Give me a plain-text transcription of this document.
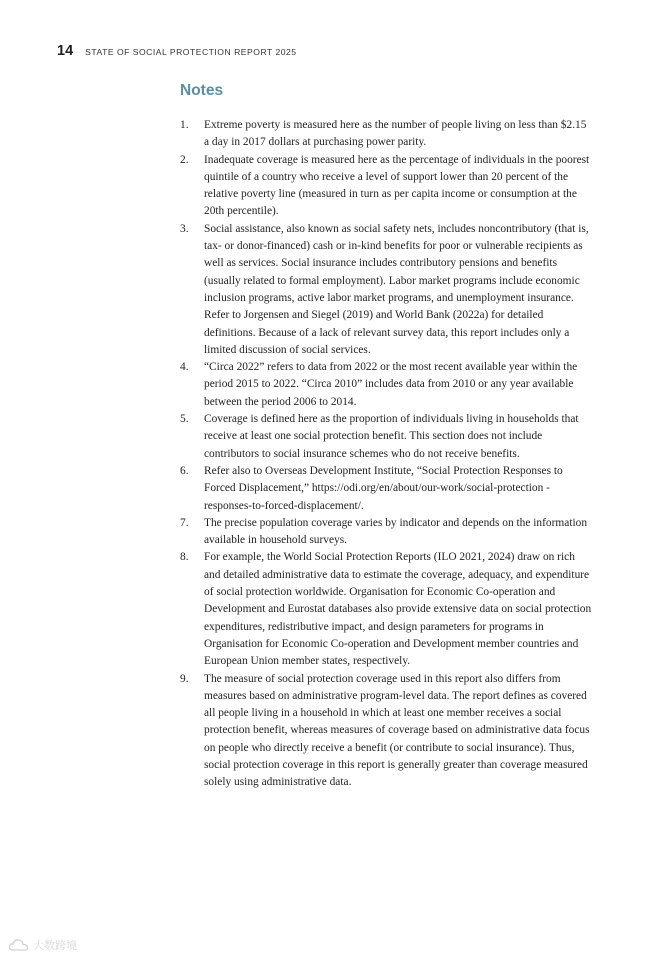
14 STATE OF SOCIAL PROTECTION REPORT 2025
Notes
1. Extreme poverty is measured here as the number of people living on less than $2.15 a day in 2017 dollars at purchasing power parity.
2. Inadequate coverage is measured here as the percentage of individuals in the poorest quintile of a country who receive a level of support lower than 20 percent of the relative poverty line (measured in turn as per capita income or consumption at the 20th percentile).
3. Social assistance, also known as social safety nets, includes noncontributory (that is, tax- or donor-financed) cash or in-kind benefits for poor or vulnerable recipients as well as services. Social insurance includes contributory pensions and benefits (usually related to formal employment). Labor market programs include economic inclusion programs, active labor market programs, and unemployment insurance. Refer to Jorgensen and Siegel (2019) and World Bank (2022a) for detailed definitions. Because of a lack of relevant survey data, this report includes only a limited discussion of social services.
4. “Circa 2022” refers to data from 2022 or the most recent available year within the period 2015 to 2022. “Circa 2010” includes data from 2010 or any year available between the period 2006 to 2014.
5. Coverage is defined here as the proportion of individuals living in households that receive at least one social protection benefit. This section does not include contributors to social insurance schemes who do not receive benefits.
6. Refer also to Overseas Development Institute, “Social Protection Responses to Forced Displacement,” https://odi.org/en/about/our-work/social-protection -responses-to-forced-displacement/.
7. The precise population coverage varies by indicator and depends on the information available in household surveys.
8. For example, the World Social Protection Reports (ILO 2021, 2024) draw on rich and detailed administrative data to estimate the coverage, adequacy, and expenditure of social protection worldwide. Organisation for Economic Co-operation and Development and Eurostat databases also provide extensive data on social protection expenditures, redistributive impact, and design parameters for programs in Organisation for Economic Co-operation and Development member countries and European Union member states, respectively.
9. The measure of social protection coverage used in this report also differs from measures based on administrative program-level data. The report defines as covered all people living in a household in which at least one member receives a social protection benefit, whereas measures of coverage based on administrative data focus on people who directly receive a benefit (or contribute to social insurance). Thus, social protection coverage in this report is generally greater than coverage measured solely using administrative data.
大数跨境
